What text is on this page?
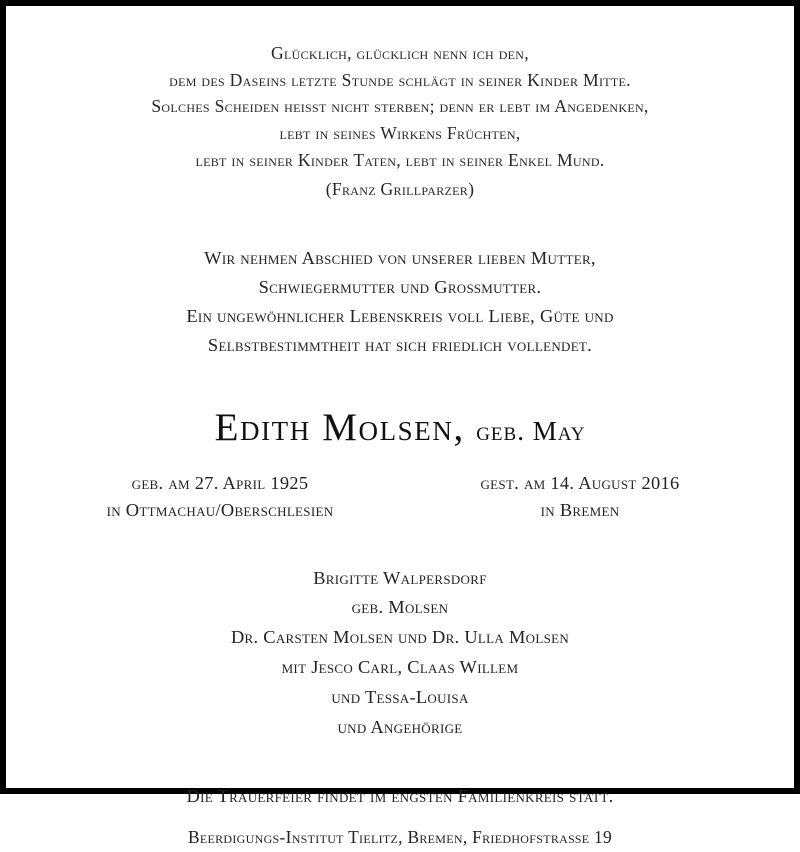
Glücklich, glücklich nenn ich den,
dem des Daseins letzte Stunde schlägt in seiner Kinder Mitte.
Solches Scheiden heisst nicht sterben; denn er lebt im Angedenken,
lebt in seines Wirkens Früchten,
lebt in seiner Kinder Taten, lebt in seiner Enkel Mund.
(Franz Grillparzer)
Wir nehmen Abschied von unserer lieben Mutter,
Schwiegermutter und Großmutter.
Ein ungewöhnlicher Lebenskreis voll Liebe, Güte und
Selbstbestimmtheit hat sich friedlich vollendet.
Edith Molsen, geb. May
geb. am 27. April 1925
in Ottmachau/Oberschlesien
gest. am 14. August 2016
in Bremen
Brigitte Walpersdorf
geb. Molsen
Dr. Carsten Molsen und Dr. Ulla Molsen
mit Jesco Carl, Claas Willem
und Tessa-Louisa
und Angehörige
Die Trauerfeier findet im engsten Familienkreis statt.
Beerdigungs-Institut Tielitz, Bremen, Friedhofstraße 19
